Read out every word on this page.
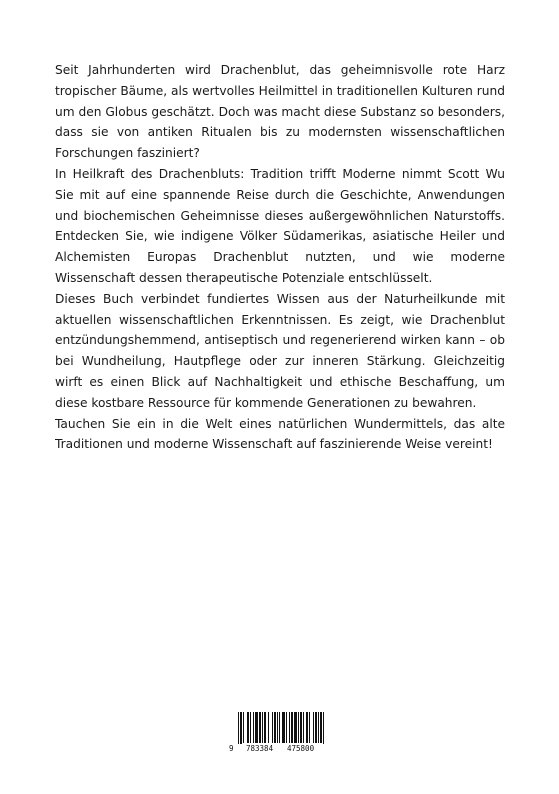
Seit Jahrhunderten wird Drachenblut, das geheimnisvolle rote Harz tropischer Bäume, als wertvolles Heilmittel in traditionellen Kulturen rund um den Globus geschätzt. Doch was macht diese Substanz so besonders, dass sie von antiken Ritualen bis zu modernsten wissenschaftlichen Forschungen fasziniert?

In Heilkraft des Drachenbluts: Tradition trifft Moderne nimmt Scott Wu Sie mit auf eine spannende Reise durch die Geschichte, Anwendungen und biochemischen Geheimnisse dieses außergewöhnlichen Naturstoffs. Entdecken Sie, wie indigene Völker Südamerikas, asiatische Heiler und Alchemisten Europas Drachenblut nutzten, und wie moderne Wissenschaft dessen therapeutische Potenziale entschlüsselt.

Dieses Buch verbindet fundiertes Wissen aus der Naturheilkunde mit aktuellen wissenschaftlichen Erkenntnissen. Es zeigt, wie Drachenblut entzündungshemmend, antiseptisch und regenerierend wirken kann – ob bei Wundheilung, Hautpflege oder zur inneren Stärkung. Gleichzeitig wirft es einen Blick auf Nachhaltigkeit und ethische Beschaffung, um diese kostbare Ressource für kommende Generationen zu bewahren.

Tauchen Sie ein in die Welt eines natürlichen Wundermittels, das alte Traditionen und moderne Wissenschaft auf faszinierende Weise vereint!

9 783384 475800
